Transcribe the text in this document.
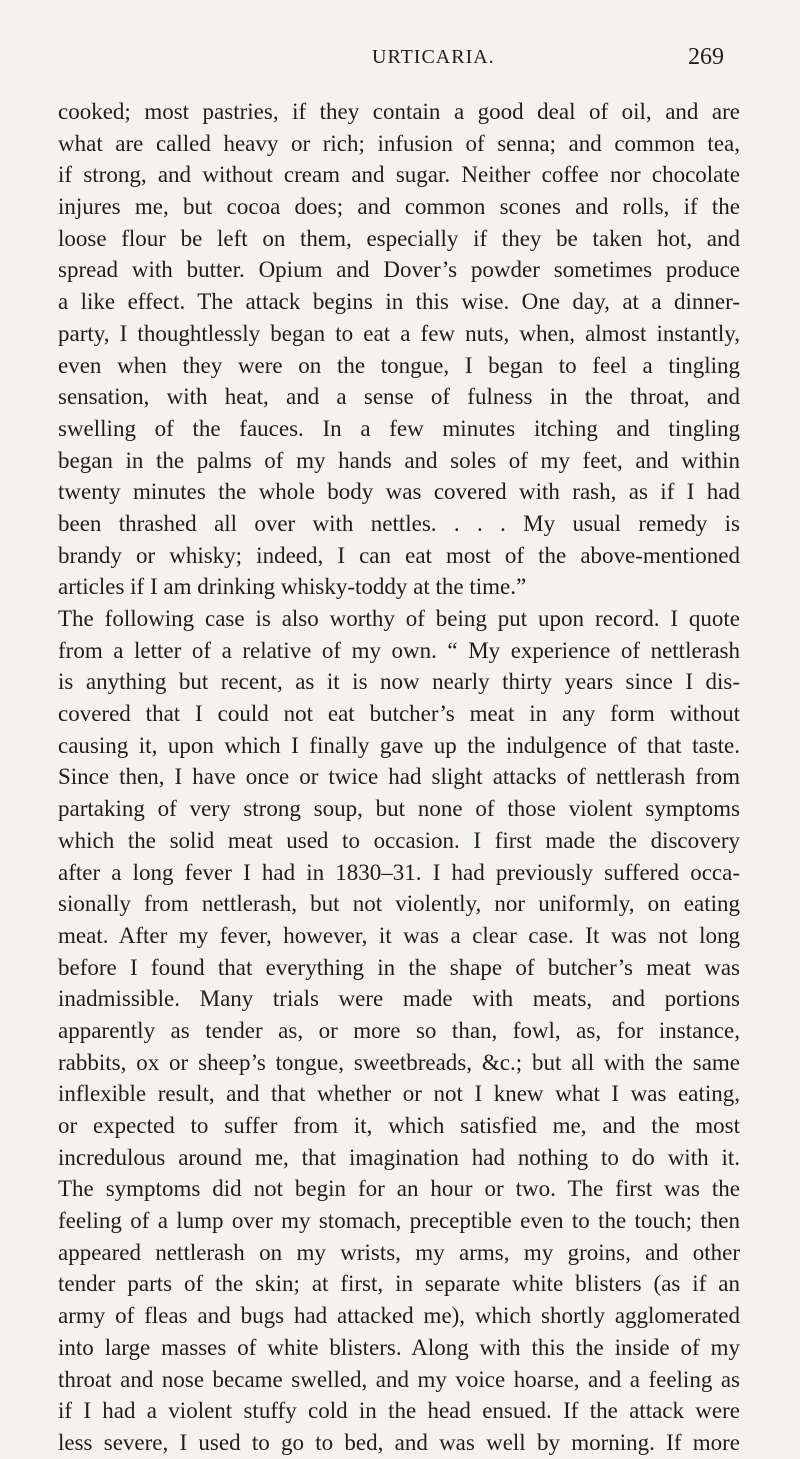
URTICARIA.	269
cooked; most pastries, if they contain a good deal of oil, and are
what are called heavy or rich; infusion of senna; and common tea,
if strong, and without cream and sugar. Neither coffee nor chocolate
injures me, but cocoa does; and common scones and rolls, if the
loose flour be left on them, especially if they be taken hot, and
spread with butter. Opium and Dover’s powder sometimes produce
a like effect. The attack begins in this wise. One day, at a dinner-
party, I thoughtlessly began to eat a few nuts, when, almost instantly,
even when they were on the tongue, I began to feel a tingling
sensation, with heat, and a sense of fulness in the throat, and
swelling of the fauces. In a few minutes itching and tingling
began in the palms of my hands and soles of my feet, and within
twenty minutes the whole body was covered with rash, as if I had
been thrashed all over with nettles. . . . My usual remedy is
brandy or whisky; indeed, I can eat most of the above-mentioned
articles if I am drinking whisky-toddy at the time.”
The following case is also worthy of being put upon record. I quote
from a letter of a relative of my own. “ My experience of nettlerash
is anything but recent, as it is now nearly thirty years since I dis-
covered that I could not eat butcher’s meat in any form without
causing it, upon which I finally gave up the indulgence of that taste.
Since then, I have once or twice had slight attacks of nettlerash from
partaking of very strong soup, but none of those violent symptoms
which the solid meat used to occasion. I first made the discovery
after a long fever I had in 1830–31. I had previously suffered occa-
sionally from nettlerash, but not violently, nor uniformly, on eating
meat. After my fever, however, it was a clear case. It was not long
before I found that everything in the shape of butcher’s meat was
inadmissible. Many trials were made with meats, and portions
apparently as tender as, or more so than, fowl, as, for instance,
rabbits, ox or sheep’s tongue, sweetbreads, &c.; but all with the same
inflexible result, and that whether or not I knew what I was eating,
or expected to suffer from it, which satisfied me, and the most
incredulous around me, that imagination had nothing to do with it.
The symptoms did not begin for an hour or two. The first was the
feeling of a lump over my stomach, preceptible even to the touch; then
appeared nettlerash on my wrists, my arms, my groins, and other
tender parts of the skin; at first, in separate white blisters (as if an
army of fleas and bugs had attacked me), which shortly agglomerated
into large masses of white blisters. Along with this the inside of my
throat and nose became swelled, and my voice hoarse, and a feeling as
if I had a violent stuffy cold in the head ensued. If the attack were
less severe, I used to go to bed, and was well by morning. If more
